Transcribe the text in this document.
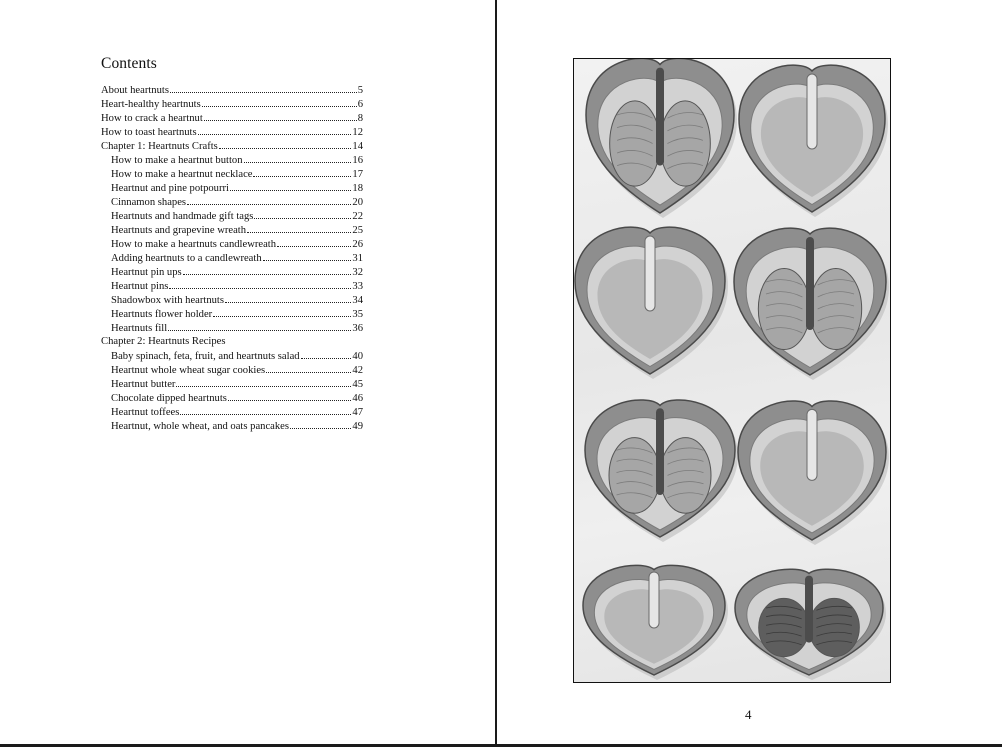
Contents
About heartnuts	5
Heart-healthy heartnuts	6
How to crack a heartnut	8
How to toast heartnuts	12
Chapter 1: Heartnuts Crafts	14
How to make a heartnut button	16
How to make a heartnut necklace	17
Heartnut and pine potpourri	18
Cinnamon shapes	20
Heartnuts and handmade gift tags	22
Heartnuts and grapevine wreath	25
How to make a heartnuts candlewreath	26
Adding heartnuts to a candlewreath	31
Heartnut pin ups	32
Heartnut pins	33
Shadowbox with heartnuts	34
Heartnuts flower holder	35
Heartnuts fill	36
Chapter 2: Heartnuts Recipes
Baby spinach, feta, fruit, and heartnuts salad	40
Heartnut whole wheat sugar cookies	42
Heartnut butter	45
Chocolate dipped heartnuts	46
Heartnut toffees	47
Heartnut, whole wheat, and oats pancakes	49
4
